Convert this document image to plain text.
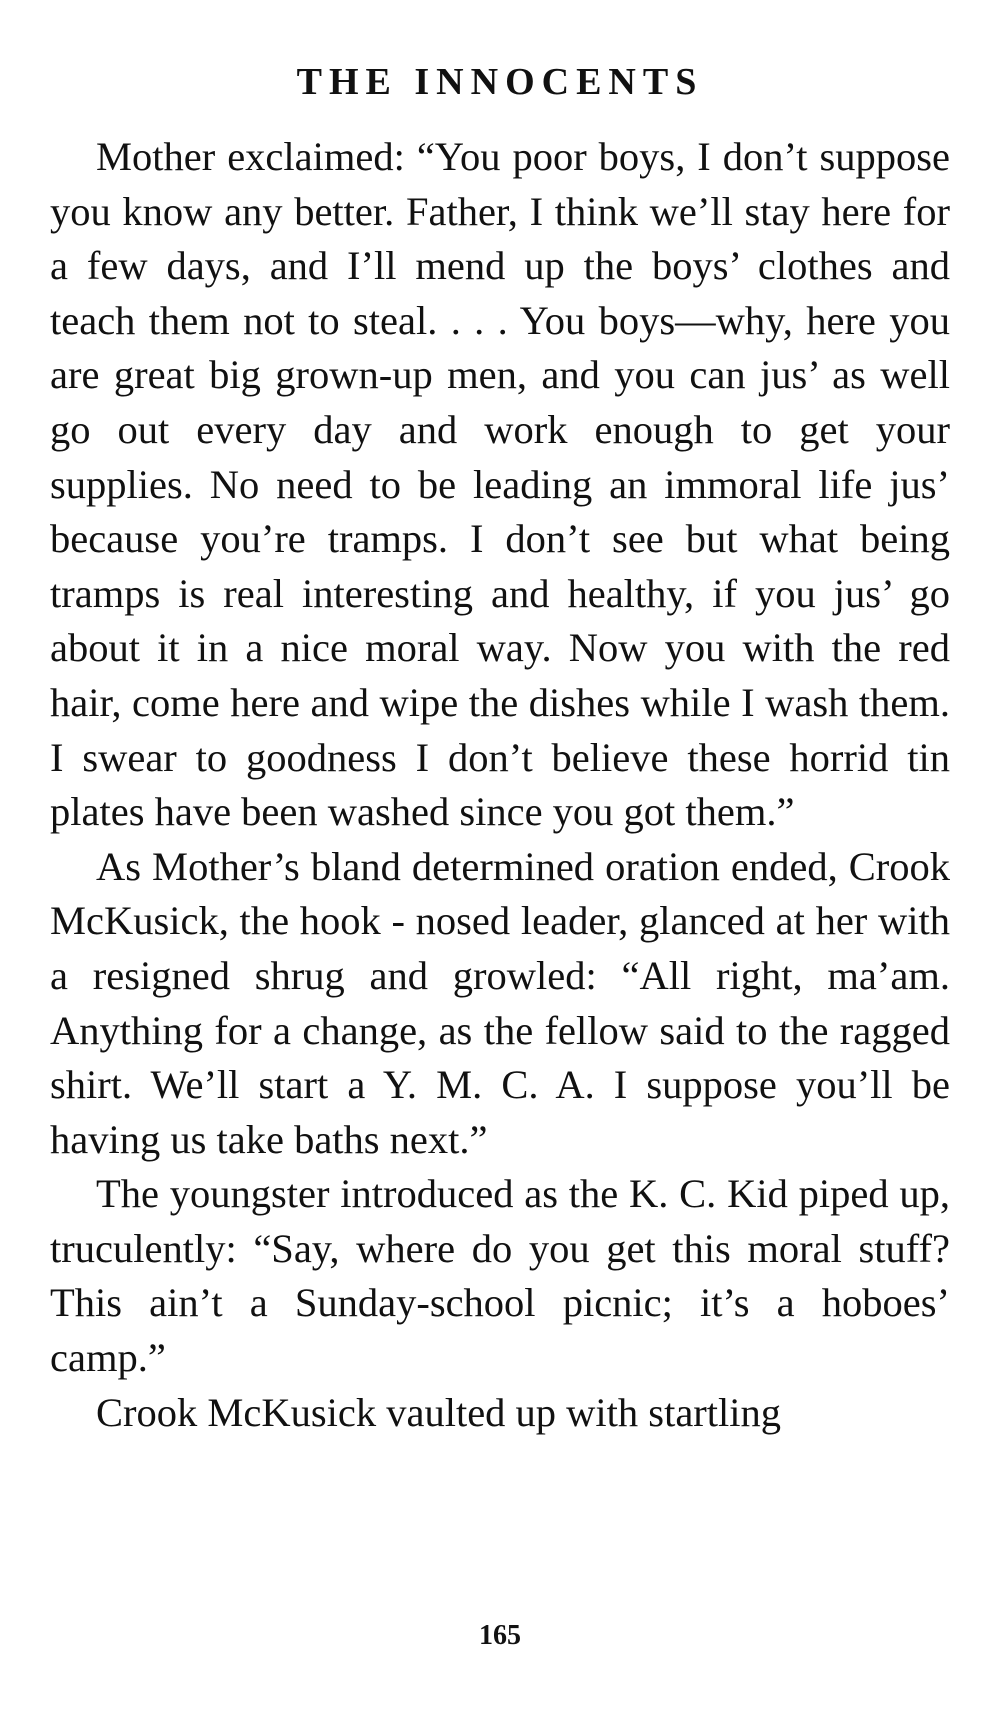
THE INNOCENTS

Mother exclaimed: “You poor boys, I don’t suppose you know any better. Father, I think we’ll stay here for a few days, and I’ll mend up the boys’ clothes and teach them not to steal. . . . You boys—why, here you are great big grown-up men, and you can jus’ as well go out every day and work enough to get your supplies. No need to be leading an immoral life jus’ because you’re tramps. I don’t see but what being tramps is real interesting and healthy, if you jus’ go about it in a nice moral way. Now you with the red hair, come here and wipe the dishes while I wash them. I swear to goodness I don’t believe these horrid tin plates have been washed since you got them.”

As Mother’s bland determined oration ended, Crook McKusick, the hook - nosed leader, glanced at her with a resigned shrug and growled: “All right, ma’am. Anything for a change, as the fellow said to the ragged shirt. We’ll start a Y. M. C. A. I suppose you’ll be having us take baths next.”

The youngster introduced as the K. C. Kid piped up, truculently: “Say, where do you get this moral stuff? This ain’t a Sunday-school picnic; it’s a hoboes’ camp.”

Crook McKusick vaulted up with startling

165
